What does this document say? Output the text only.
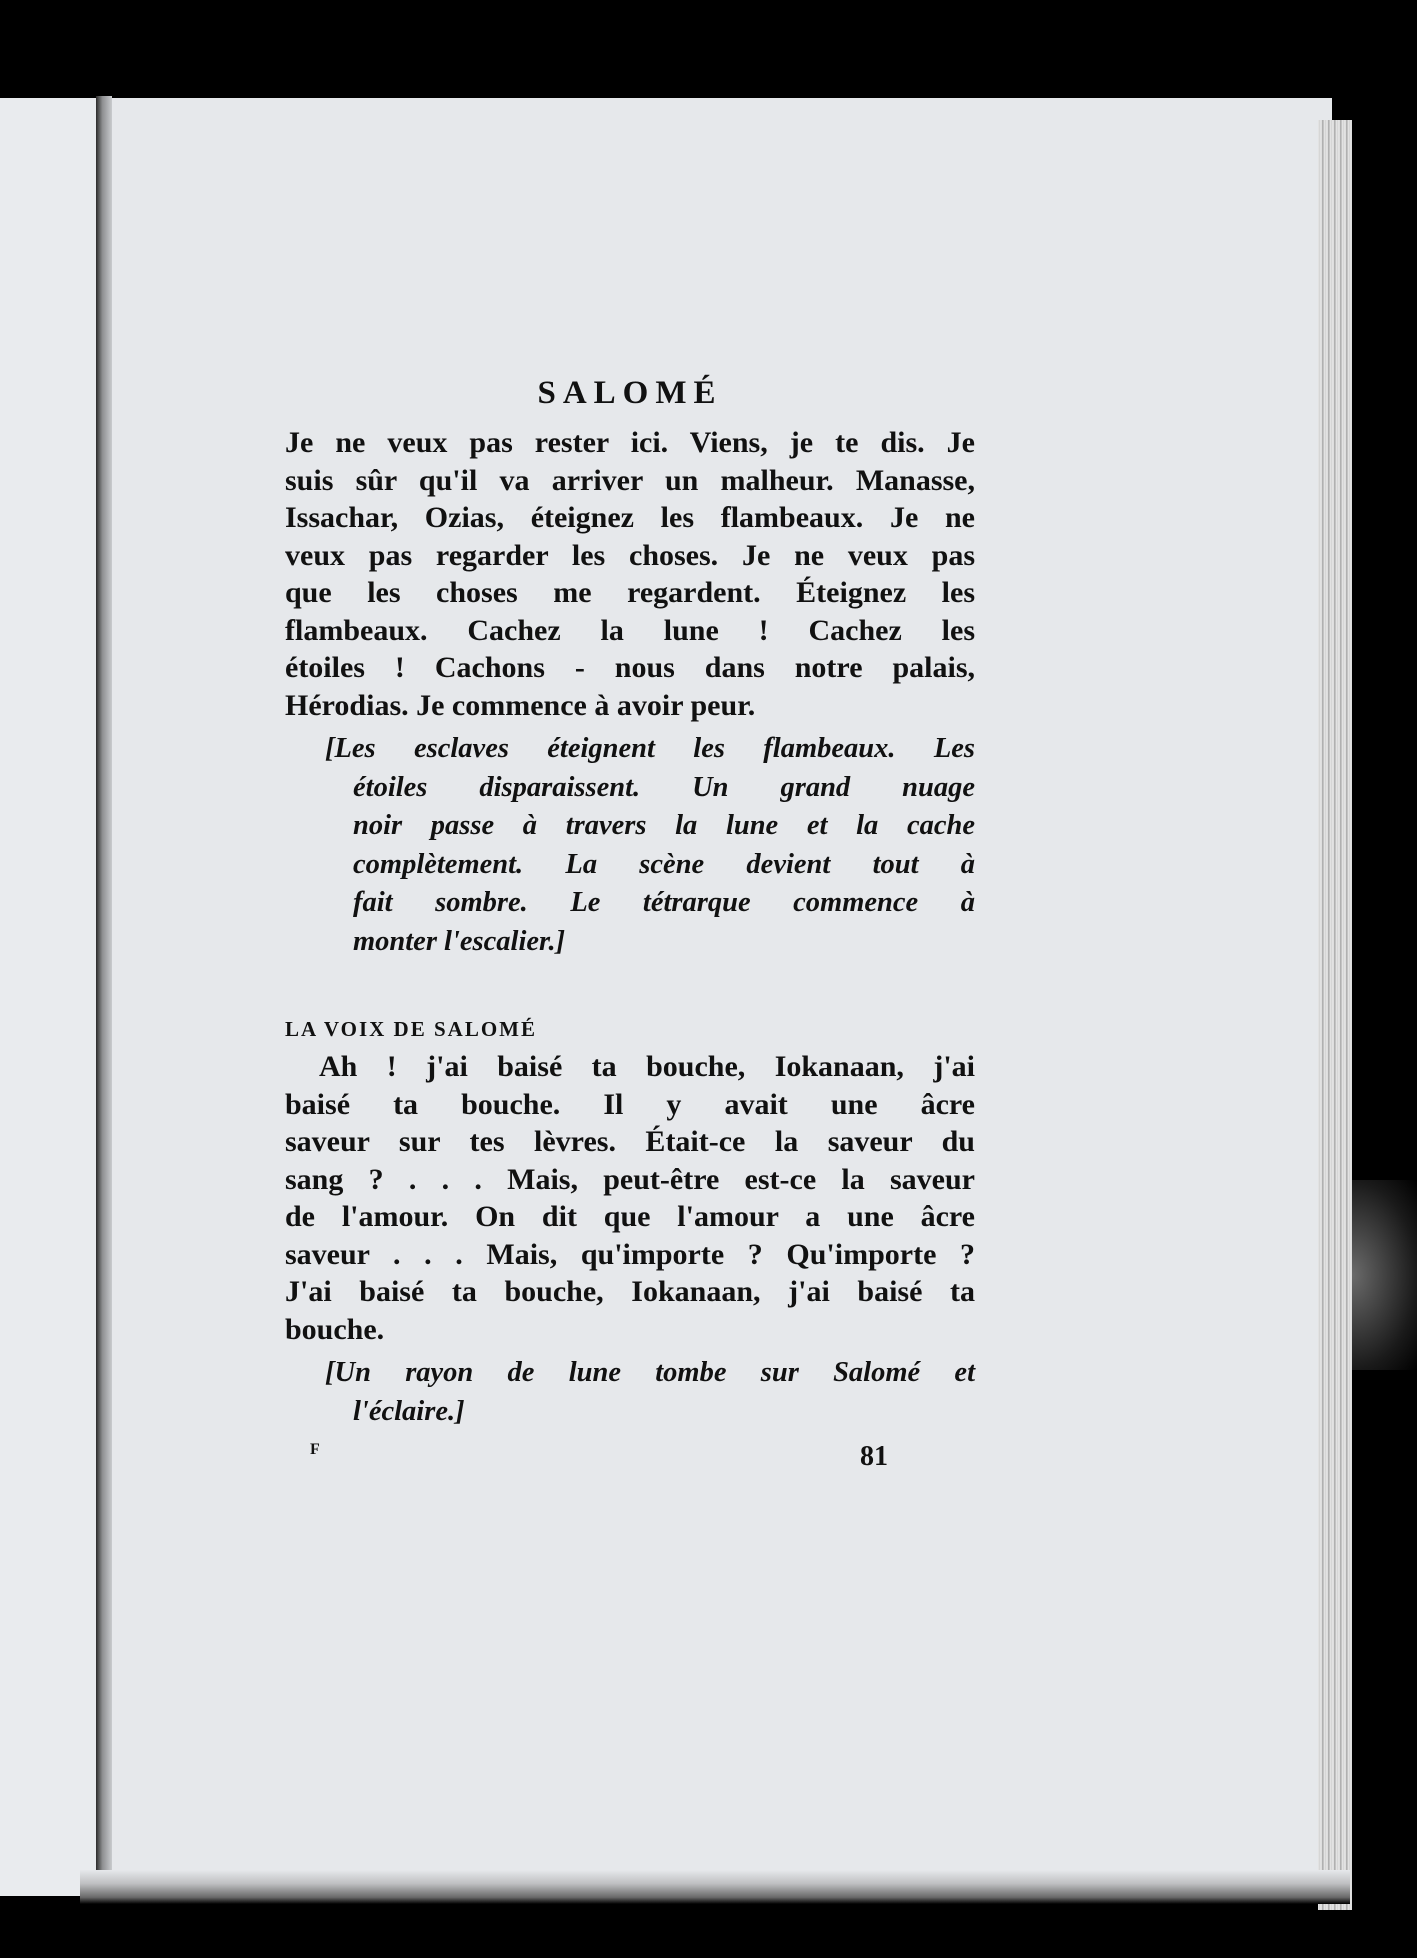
SALOMÉ
Je ne veux pas rester ici. Viens, je te dis. Je
suis sûr qu'il va arriver un malheur. Manasse,
Issachar, Ozias, éteignez les flambeaux. Je ne
veux pas regarder les choses. Je ne veux pas
que les choses me regardent. Éteignez les
flambeaux. Cachez la lune ! Cachez les
étoiles ! Cachons - nous dans notre palais,
Hérodias. Je commence à avoir peur.
[Les esclaves éteignent les flambeaux. Les
étoiles disparaissent. Un grand nuage
noir passe à travers la lune et la cache
complètement. La scène devient tout à
fait sombre. Le tétrarque commence à
monter l'escalier.]
LA VOIX DE SALOMÉ
Ah ! j'ai baisé ta bouche, Iokanaan, j'ai
baisé ta bouche. Il y avait une âcre
saveur sur tes lèvres. Était-ce la saveur du
sang ? . . . Mais, peut-être est-ce la saveur
de l'amour. On dit que l'amour a une âcre
saveur . . . Mais, qu'importe ? Qu'importe ?
J'ai baisé ta bouche, Iokanaan, j'ai baisé ta
bouche.
[Un rayon de lune tombe sur Salomé et
l'éclaire.]
F	81
